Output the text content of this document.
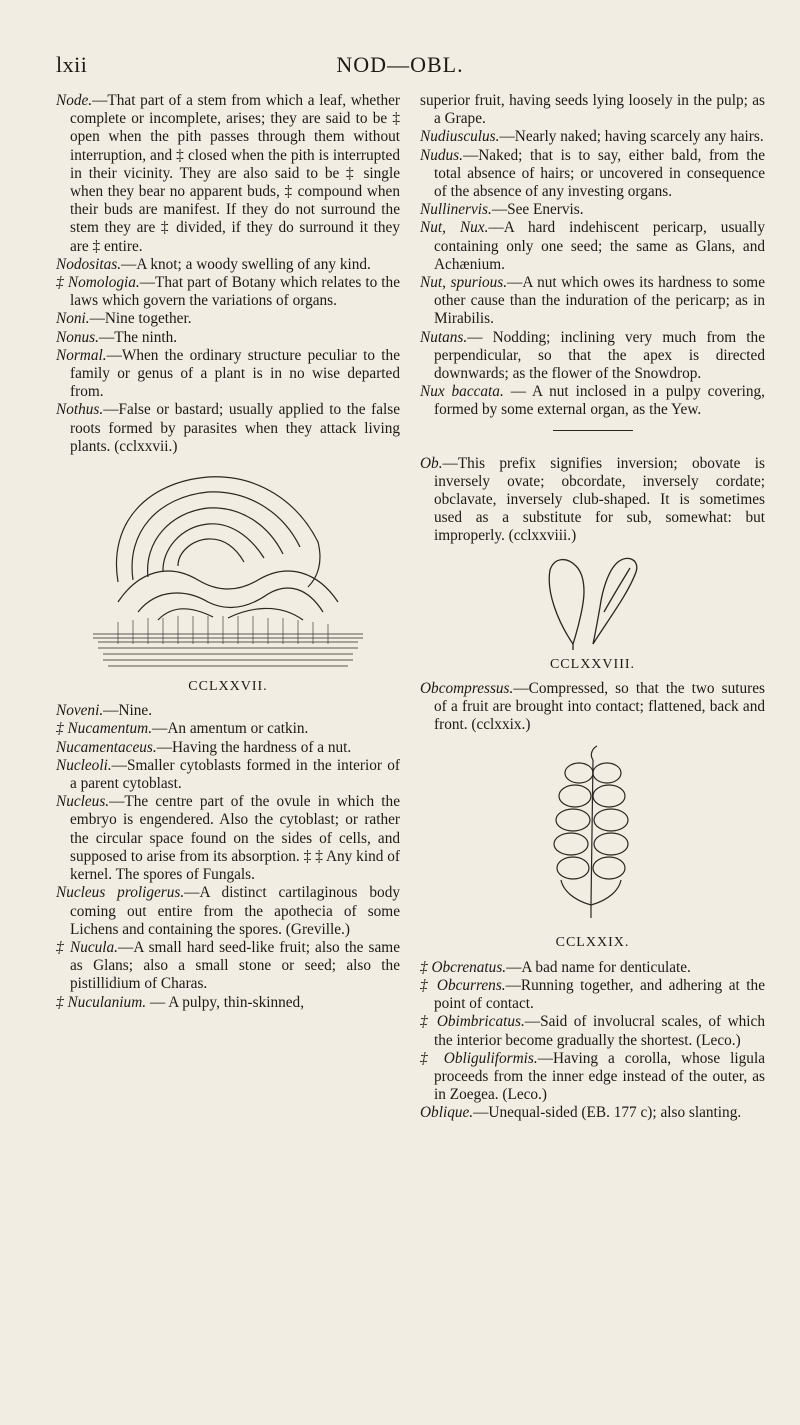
lxii	NOD—OBL.

Node.—That part of a stem from which a leaf, whether complete or incomplete, arises; they are said to be ‡ open when the pith passes through them without interruption, and ‡ closed when the pith is interrupted in their vicinity. They are also said to be ‡ single when they bear no apparent buds, ‡ compound when their buds are manifest. If they do not surround the stem they are ‡ divided, if they do surround it they are ‡ entire.

Nodositas.—A knot; a woody swelling of any kind.

‡ Nomologia.—That part of Botany which relates to the laws which govern the variations of organs.

Noni.—Nine together.

Nonus.—The ninth.

Normal.—When the ordinary structure peculiar to the family or genus of a plant is in no wise departed from.

Nothus.—False or bastard; usually applied to the false roots formed by parasites when they attack living plants. (cclxxvii.)

CCLXXVII.

Noveni.—Nine.

‡ Nucamentum.—An amentum or catkin.

Nucamentaceus.—Having the hardness of a nut.

Nucleoli.—Smaller cytoblasts formed in the interior of a parent cytoblast.

Nucleus.—The centre part of the ovule in which the embryo is engendered. Also the cytoblast; or rather the circular space found on the sides of cells, and supposed to arise from its absorption. ‡ ‡ Any kind of kernel. The spores of Fungals.

Nucleus proligerus.—A distinct cartilaginous body coming out entire from the apothecia of some Lichens and containing the spores. (Greville.)

‡ Nucula.—A small hard seed-like fruit; also the same as Glans; also a small stone or seed; also the pistillidium of Charas.

‡ Nuculanium. — A pulpy, thin-skinned,

superior fruit, having seeds lying loosely in the pulp; as a Grape.

Nudiusculus.—Nearly naked; having scarcely any hairs.

Nudus.—Naked; that is to say, either bald, from the total absence of hairs; or uncovered in consequence of the absence of any investing organs.

Nullinervis.—See Enervis.

Nut, Nux.—A hard indehiscent pericarp, usually containing only one seed; the same as Glans, and Achænium.

Nut, spurious.—A nut which owes its hardness to some other cause than the induration of the pericarp; as in Mirabilis.

Nutans.— Nodding; inclining very much from the perpendicular, so that the apex is directed downwards; as the flower of the Snowdrop.

Nux baccata. — A nut inclosed in a pulpy covering, formed by some external organ, as the Yew.

Ob.—This prefix signifies inversion; obovate is inversely ovate; obcordate, inversely cordate; obclavate, inversely club-shaped. It is sometimes used as a substitute for sub, somewhat: but improperly. (cclxxviii.)

CCLXXVIII.

Obcompressus.—Compressed, so that the two sutures of a fruit are brought into contact; flattened, back and front. (cclxxix.)

CCLXXIX.

‡ Obcrenatus.—A bad name for denticulate.

‡ Obcurrens.—Running together, and adhering at the point of contact.

‡ Obimbricatus.—Said of involucral scales, of which the interior become gradually the shortest. (Leco.)

‡ Obliguliformis.—Having a corolla, whose ligula proceeds from the inner edge instead of the outer, as in Zoegea. (Leco.)

Oblique.—Unequal-sided (EB. 177 c); also slanting.
